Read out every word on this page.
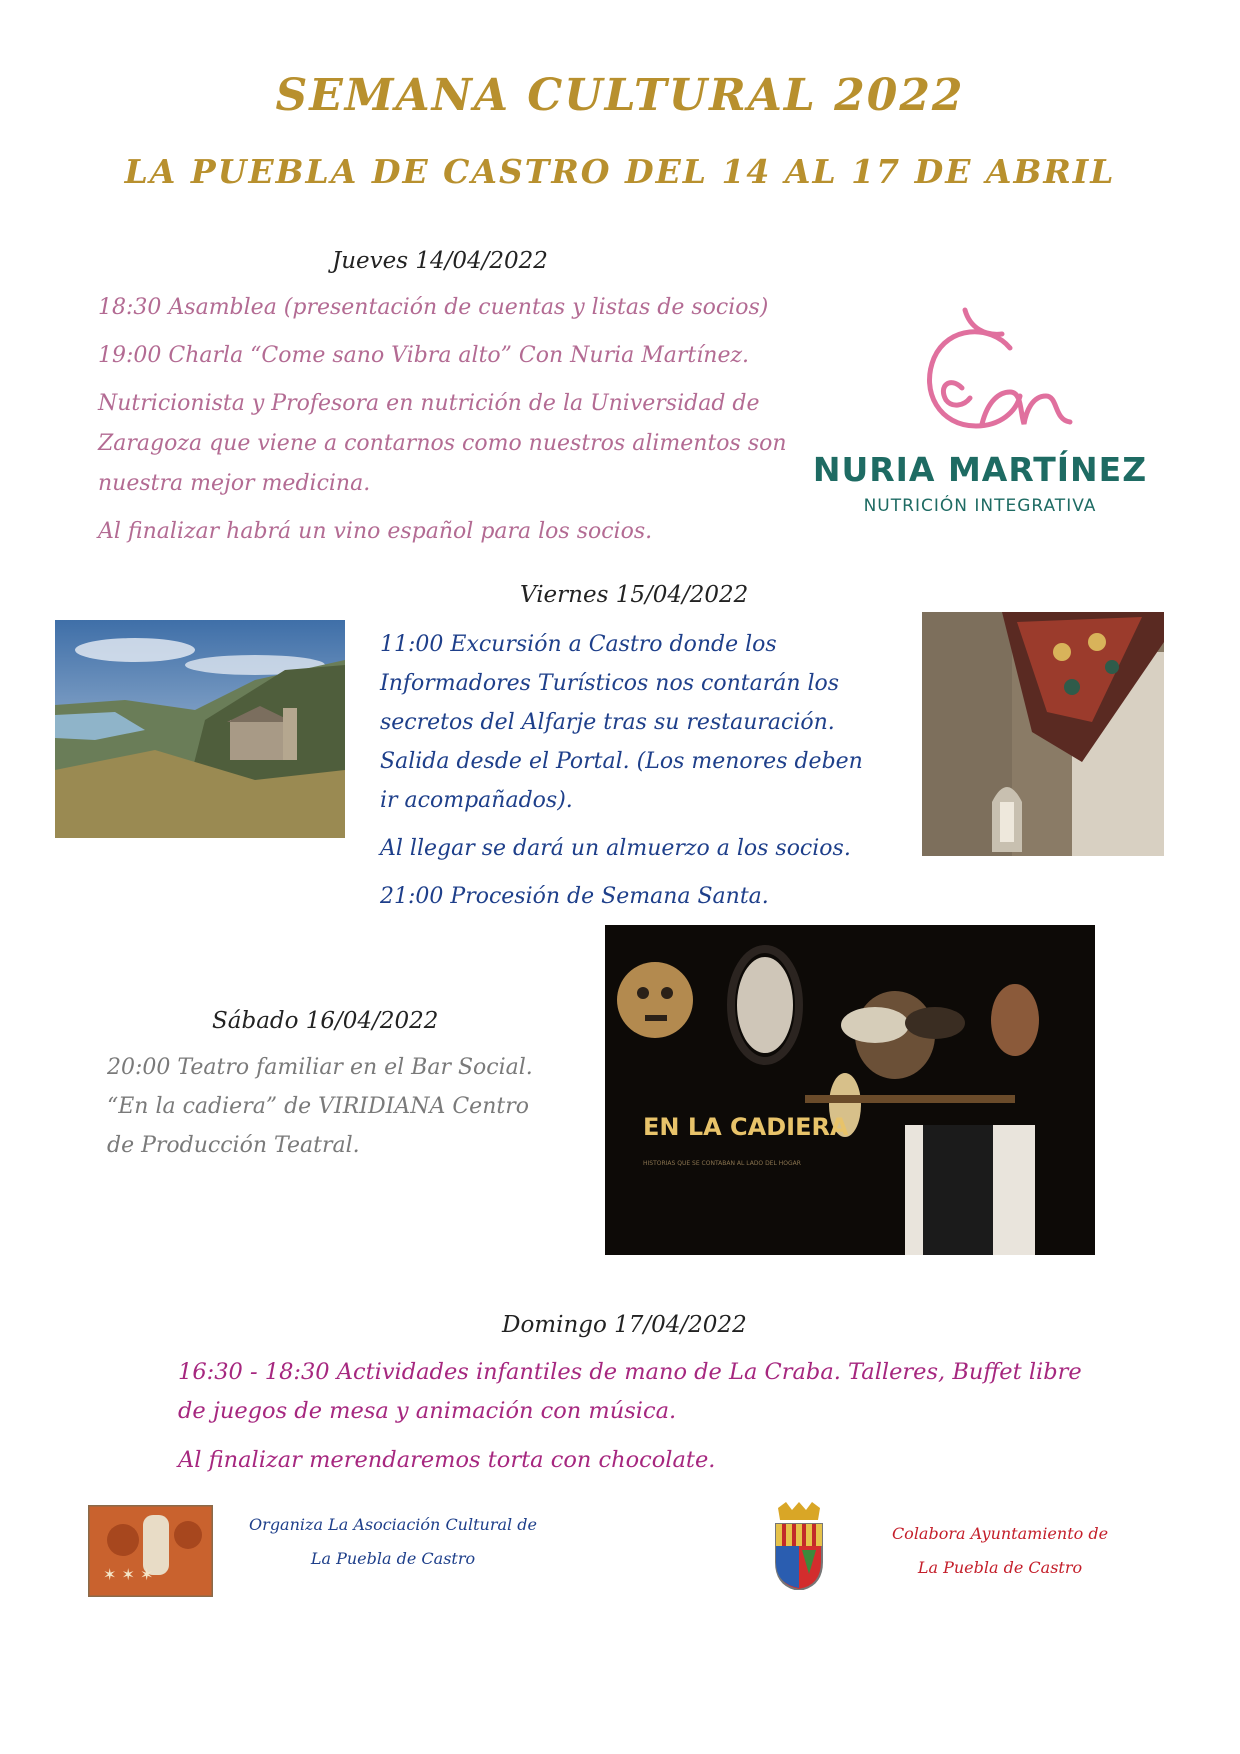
SEMANA CULTURAL 2022
LA PUEBLA DE CASTRO DEL 14 AL 17 DE ABRIL
Jueves 14/04/2022

18:30 Asamblea (presentación de cuentas y listas de socios)

19:00 Charla “Come sano Vibra alto” Con Nuria Martínez.

Nutricionista y Profesora en nutrición de la Universidad de Zaragoza que viene a contarnos como nuestros alimentos son nuestra mejor medicina.

Al finalizar habrá un vino español para los socios.

NURIA MARTÍNEZ
NUTRICIÓN INTEGRATIVA
Viernes 15/04/2022

11:00 Excursión a Castro donde los Informadores Turísticos nos contarán los secretos del Alfarje tras su restauración. Salida desde el Portal. (Los menores deben ir acompañados).

Al llegar se dará un almuerzo a los socios.

21:00 Procesión de Semana Santa.

Sábado 16/04/2022
20:00 Teatro familiar en el Bar Social. “En la cadiera” de VIRIDIANA Centro de Producción Teatral.
EN LA CADIERA
HISTORIAS QUE SE CONTABAN AL LADO DEL HOGAR
Domingo 17/04/2022

16:30 - 18:30 Actividades infantiles de mano de La Craba. Talleres, Buffet libre de juegos de mesa y animación con música.

Al finalizar merendaremos torta con chocolate.

✶ ✶ ✶
Organiza La Asociación Cultural de
La Puebla de Castro
Colabora Ayuntamiento de
La Puebla de Castro
